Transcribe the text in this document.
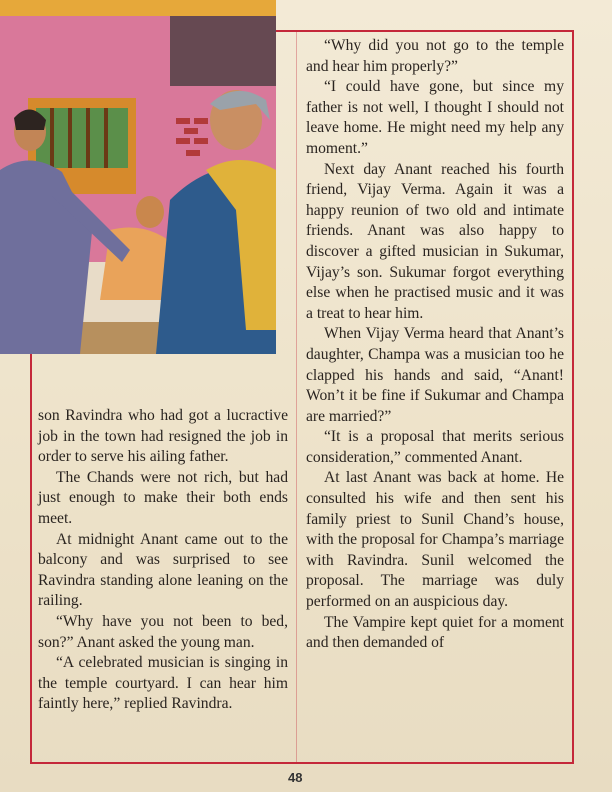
son Ravindra who had got a lucractive job in the town had resigned the job in order to serve his ailing father.

The Chands were not rich, but had just enough to make their both ends meet.

At midnight Anant came out to the balcony and was surprised to see Ravindra standing alone leaning on the railing.

“Why have you not been to bed, son?” Anant asked the young man.

“A celebrated musician is singing in the temple courtyard. I can hear him faintly here,” replied Ravindra.

“Why did you not go to the temple and hear him properly?”

“I could have gone, but since my father is not well, I thought I should not leave home. He might need my help any moment.”

Next day Anant reached his fourth friend, Vijay Verma. Again it was a happy reunion of two old and intimate friends. Anant was also happy to discover a gifted musician in Sukumar, Vijay’s son. Sukumar forgot everything else when he practised music and it was a treat to hear him.

When Vijay Verma heard that Anant’s daughter, Champa was a musician too he clapped his hands and said, “Anant! Won’t it be fine if Sukumar and Champa are married?”

“It is a proposal that merits serious consideration,” commented Anant.

At last Anant was back at home. He consulted his wife and then sent his family priest to Sunil Chand’s house, with the proposal for Champa’s marriage with Ravindra. Sunil welcomed the proposal. The marriage was duly performed on an auspicious day.

The Vampire kept quiet for a moment and then demanded of

48
